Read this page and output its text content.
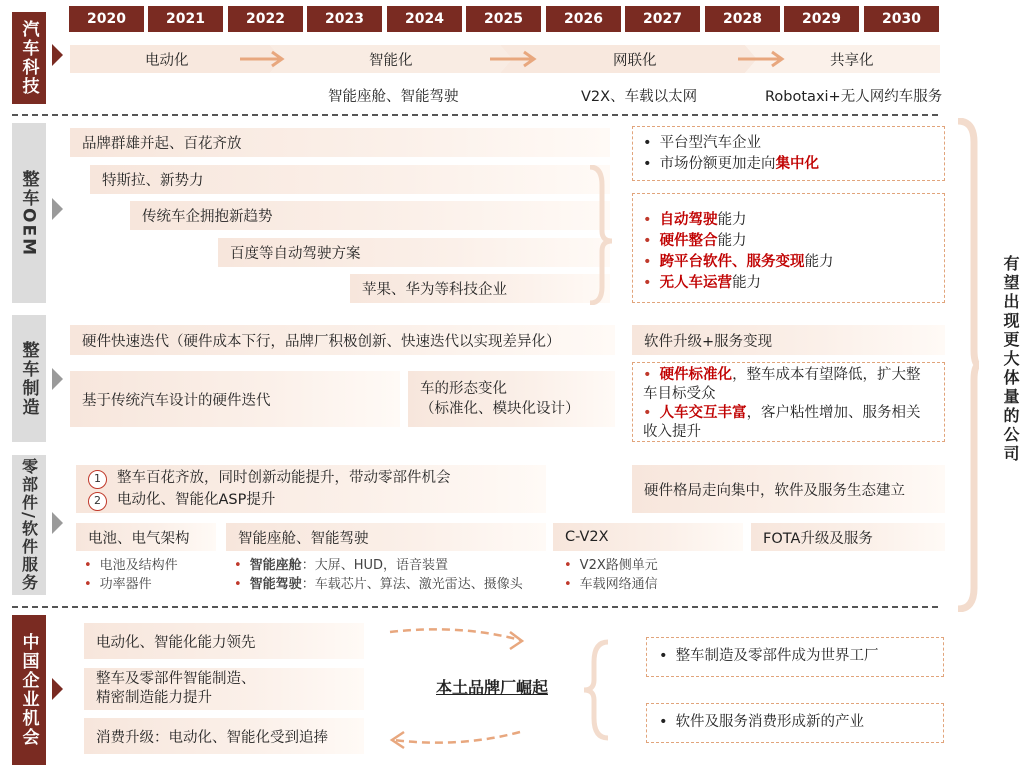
2020	2021	2022	2023	2024	2025	2026	2027	2028	2029	2030
汽车科技	电动化	智能化	网联化	共享化
智能座舱、智能驾驶	V2X、车载以太网	Robotaxi+无人网约车服务
整车OEM
品牌群雄并起、百花齐放
特斯拉、新势力
传统车企拥抱新趋势
百度等自动驾驶方案
苹果、华为等科技企业
• 平台型汽车企业
• 市场份额更加走向集中化
• 自动驾驶能力
• 硬件整合能力
• 跨平台软件、服务变现能力
• 无人车运营能力
整车制造	硬件快速迭代（硬件成本下行，品牌厂积极创新、快速迭代以实现差异化）
基于传统汽车设计的硬件迭代
车的形态变化
（标准化、模块化设计）
软件升级+服务变现
• 硬件标准化，整车成本有望降低，扩大整车目标受众
• 人车交互丰富，客户粘性增加、服务相关收入提升
零部件/软件服务	1 整车百花齐放，同时创新动能提升，带动零部件机会
2 电动化、智能化ASP提升
硬件格局走向集中，软件及服务生态建立
电池、电气架构	智能座舱、智能驾驶	C-V2X	FOTA升级及服务
• 电池及结构件
• 功率器件
• 智能座舱：大屏、HUD，语音装置
• 智能驾驶：车载芯片、算法、激光雷达、摄像头
• V2X路侧单元
• 车载网络通信
有望出现更大体量的公司
中国企业机会	电动化、智能化能力领先
整车及零部件智能制造、
精密制造能力提升
消费升级：电动化、智能化受到追捧
本土品牌厂崛起
• 整车制造及零部件成为世界工厂
• 软件及服务消费形成新的产业
